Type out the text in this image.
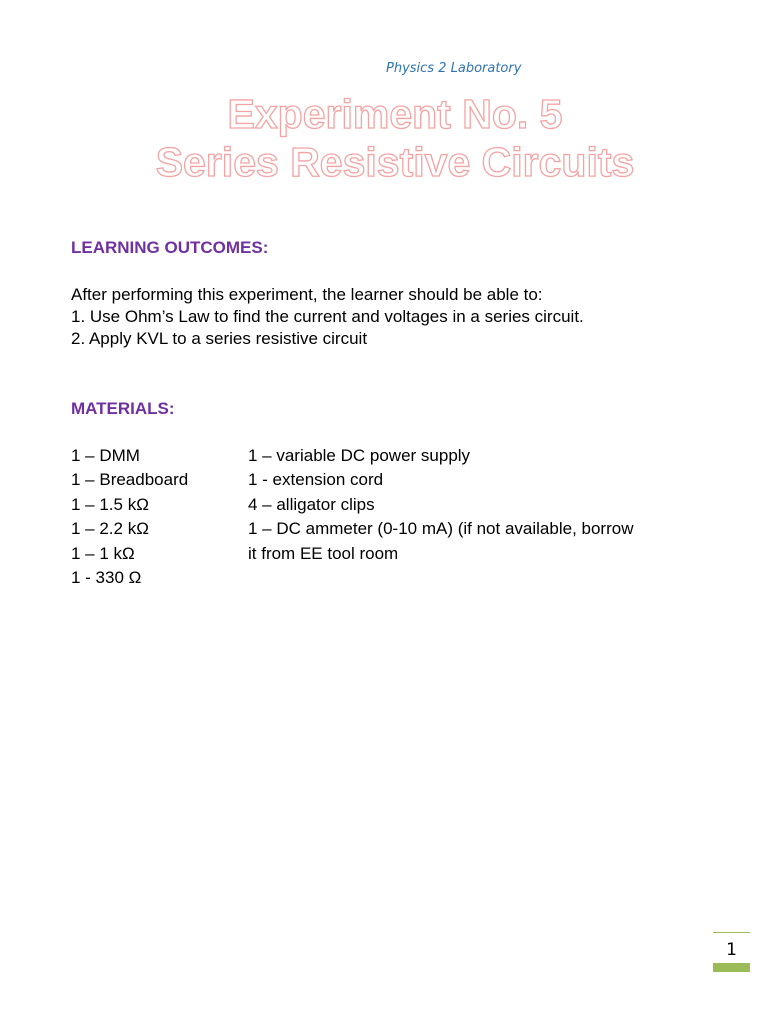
Physics 2 Laboratory
Experiment No. 5
Series Resistive Circuits
LEARNING OUTCOMES:
After performing this experiment, the learner should be able to:
1. Use Ohm’s Law to find the current and voltages in a series circuit.
2. Apply KVL to a series resistive circuit
MATERIALS:
1 – DMM
1 – Breadboard
1 – 1.5 kΩ
1 – 2.2 kΩ
1 – 1 kΩ
1 - 330 Ω
1 – variable DC power supply
1 - extension cord
4 – alligator clips
1 – DC ammeter (0-10 mA) (if not available, borrow
it from EE tool room
1
